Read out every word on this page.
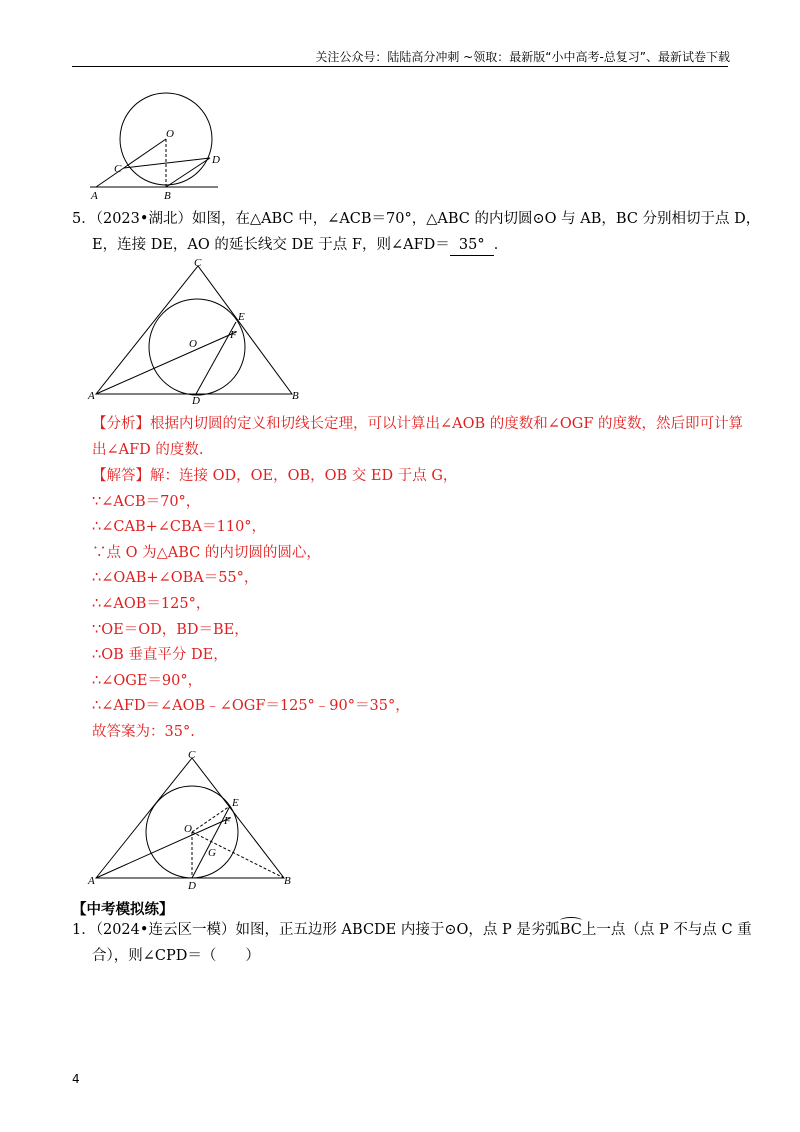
关注公众号：陆陆高分冲刺 ~领取：最新版“小中高考-总复习”、最新试卷下载
O
C
D
A	B
5．（2023•湖北）如图，在△ABC 中，∠ACB＝70°，△ABC 的内切圆⊙O 与 AB，BC 分别相切于点 D，
E，连接 DE，AO 的延长线交 DE 于点 F，则∠AFD＝ 35° ．
C
E
O
F
A	D	B
【分析】根据内切圆的定义和切线长定理，可以计算出∠AOB 的度数和∠OGF 的度数，然后即可计算
出∠AFD 的度数.
【解答】解：连接 OD，OE，OB，OB 交 ED 于点 G，
∵∠ACB＝70°，
∴∠CAB+∠CBA＝110°，
∵点 O 为△ABC 的内切圆的圆心，
∴∠OAB+∠OBA＝55°，
∴∠AOB＝125°，
∵OE＝OD，BD＝BE，
∴OB 垂直平分 DE，
∴∠OGE＝90°，
∴∠AFD＝∠AOB﹣∠OGF＝125°﹣90°＝35°，
故答案为：35°.
C
E
O
F
G
A	D	B
【中考模拟练】
1．（2024•连云区一模）如图，正五边形 ABCDE 内接于⊙O，点 P 是劣弧
BC上一点（点 P 不与点 C 重
合），则∠CPD＝（　　）
4
